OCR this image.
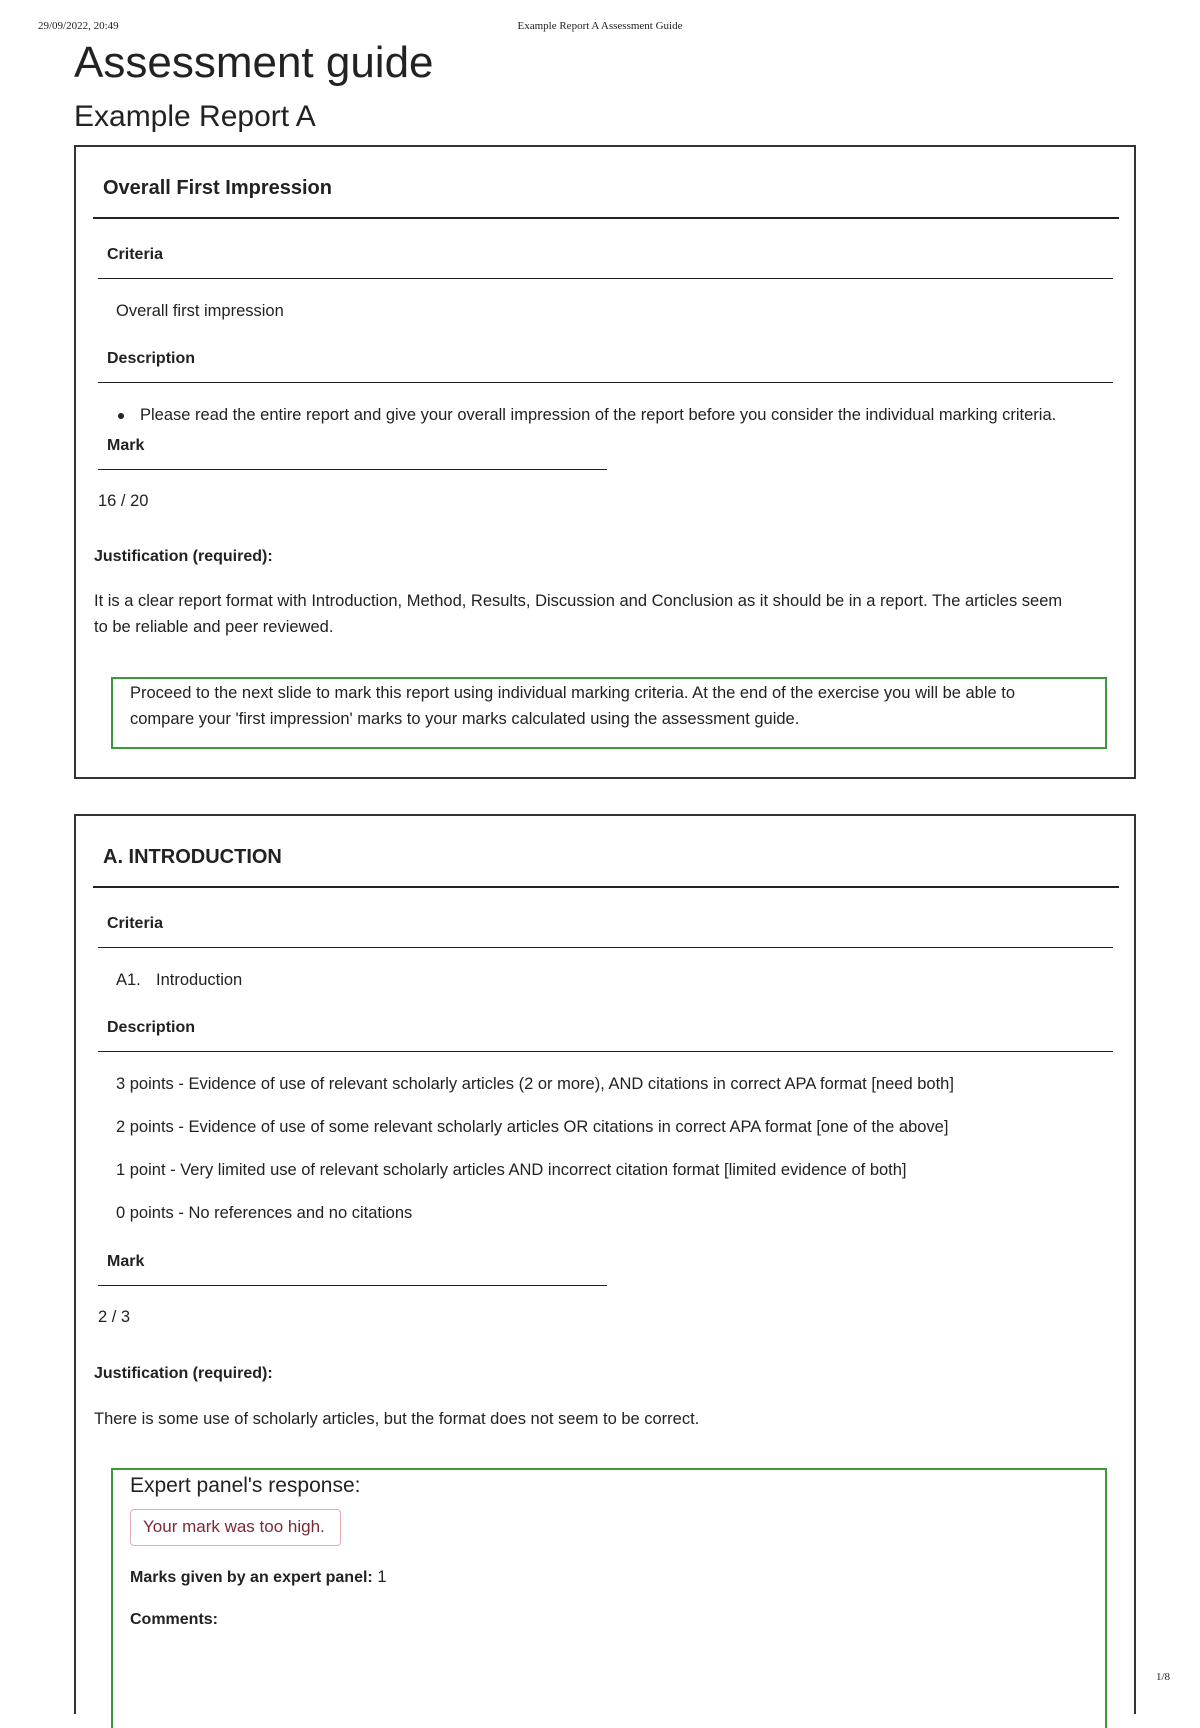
29/09/2022, 20:49	Example Report A Assessment Guide
Assessment guide
Example Report A
Overall First Impression
Criteria
Overall first impression
Description
Please read the entire report and give your overall impression of the report before you consider the individual marking criteria.
Mark
16 / 20
Justification (required):
It is a clear report format with Introduction, Method, Results, Discussion and Conclusion as it should be in a report. The articles seem
to be reliable and peer reviewed.
Proceed to the next slide to mark this report using individual marking criteria. At the end of the exercise you will be able to
compare your 'first impression' marks to your marks calculated using the assessment guide.
A. INTRODUCTION
Criteria
A1. Introduction
Description
3 points - Evidence of use of relevant scholarly articles (2 or more), AND citations in correct APA format [need both]
2 points - Evidence of use of some relevant scholarly articles OR citations in correct APA format [one of the above]
1 point - Very limited use of relevant scholarly articles AND incorrect citation format [limited evidence of both]
0 points - No references and no citations
Mark
2 / 3
Justification (required):
There is some use of scholarly articles, but the format does not seem to be correct.
Expert panel's response:
Your mark was too high.
Marks given by an expert panel: 1
Comments:
1/8
